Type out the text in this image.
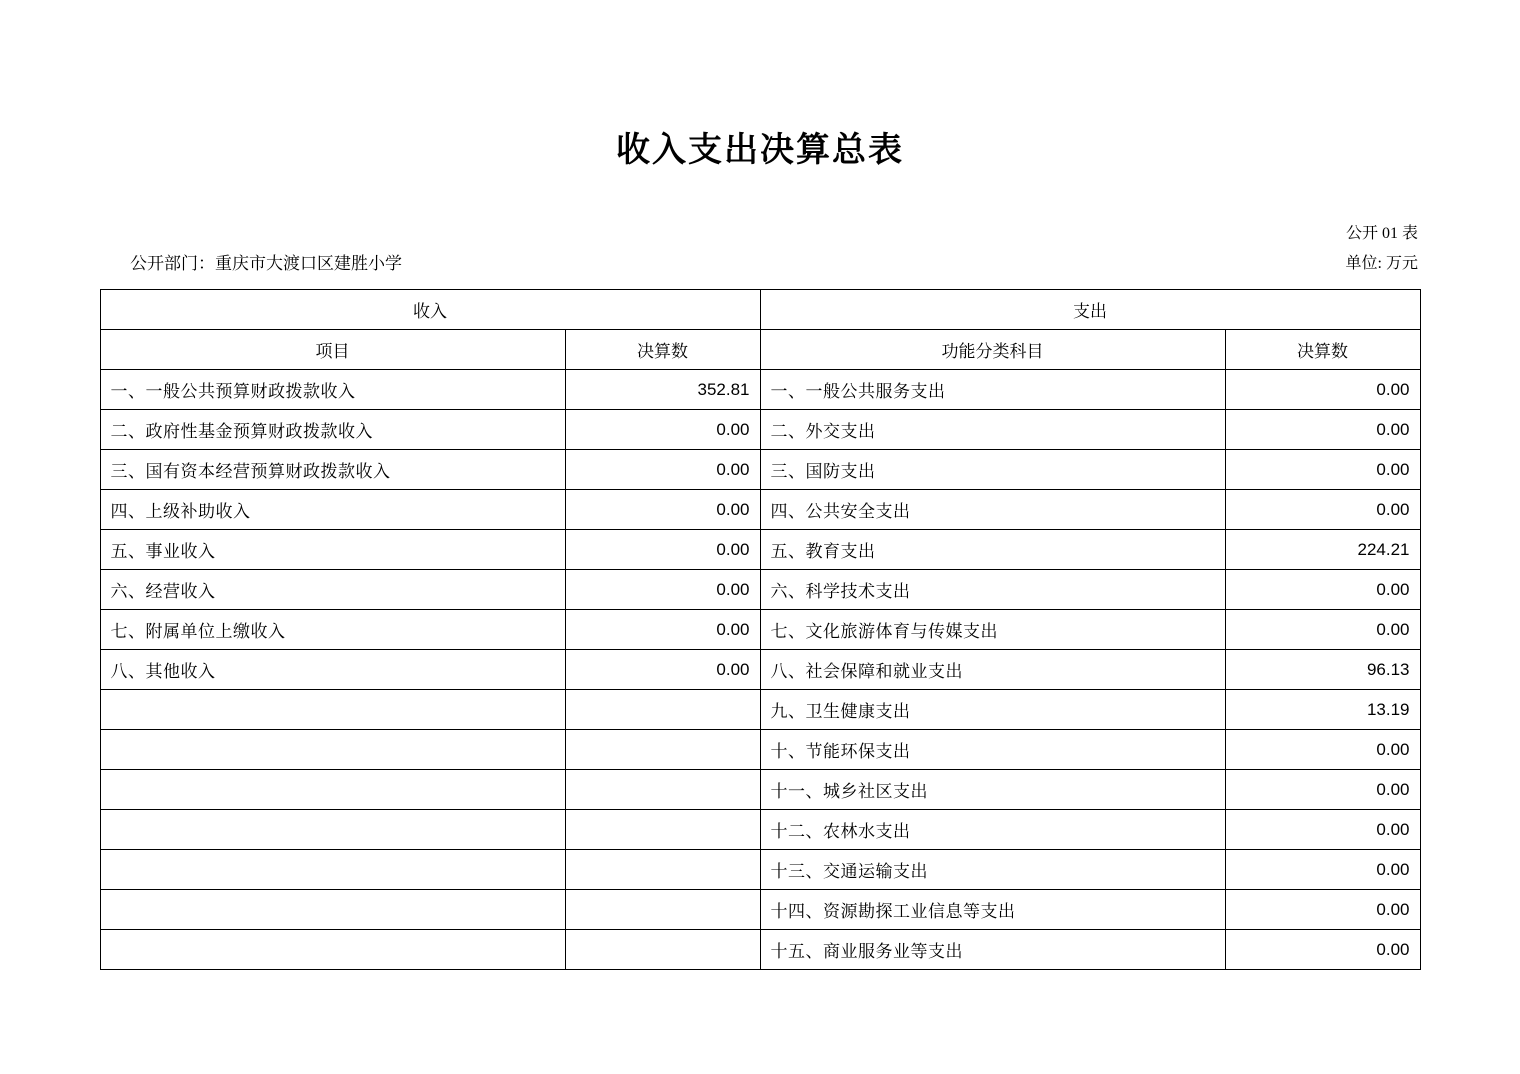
收入支出决算总表
公开部门：重庆市大渡口区建胜小学
公开 01 表
单位: 万元
收入		支出	
项目	决算数	功能分类科目	决算数
一、一般公共预算财政拨款收入	352.81	一、一般公共服务支出	0.00
二、政府性基金预算财政拨款收入	0.00	二、外交支出	0.00
三、国有资本经营预算财政拨款收入	0.00	三、国防支出	0.00
四、上级补助收入	0.00	四、公共安全支出	0.00
五、事业收入	0.00	五、教育支出	224.21
六、经营收入	0.00	六、科学技术支出	0.00
七、附属单位上缴收入	0.00	七、文化旅游体育与传媒支出	0.00
八、其他收入	0.00	八、社会保障和就业支出	96.13
		九、卫生健康支出	13.19
		十、节能环保支出	0.00
		十一、城乡社区支出	0.00
		十二、农林水支出	0.00
		十三、交通运输支出	0.00
		十四、资源勘探工业信息等支出	0.00
		十五、商业服务业等支出	0.00
